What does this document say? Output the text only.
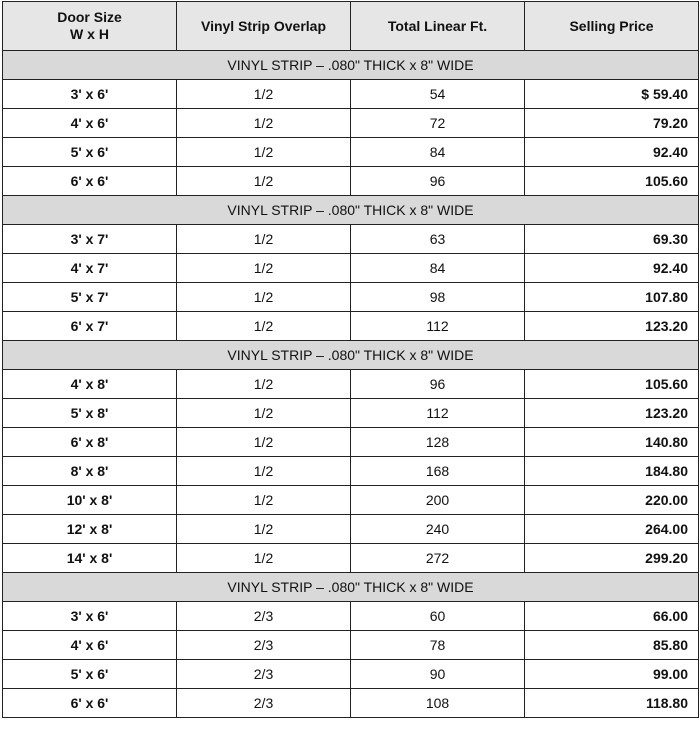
Door Size
W x H	Vinyl Strip Overlap	Total Linear Ft.	Selling Price
VINYL STRIP – .080" THICK x 8" WIDE			
3' x 6'	1/2	54	$ 59.40
4' x 6'	1/2	72	79.20
5' x 6'	1/2	84	92.40
6' x 6'	1/2	96	105.60
VINYL STRIP – .080" THICK x 8" WIDE			
3' x 7'	1/2	63	69.30
4' x 7'	1/2	84	92.40
5' x 7'	1/2	98	107.80
6' x 7'	1/2	112	123.20
VINYL STRIP – .080" THICK x 8" WIDE			
4' x 8'	1/2	96	105.60
5' x 8'	1/2	112	123.20
6' x 8'	1/2	128	140.80
8' x 8'	1/2	168	184.80
10' x 8'	1/2	200	220.00
12' x 8'	1/2	240	264.00
14' x 8'	1/2	272	299.20
VINYL STRIP – .080" THICK x 8" WIDE			
3' x 6'	2/3	60	66.00
4' x 6'	2/3	78	85.80
5' x 6'	2/3	90	99.00
6' x 6'	2/3	108	118.80
